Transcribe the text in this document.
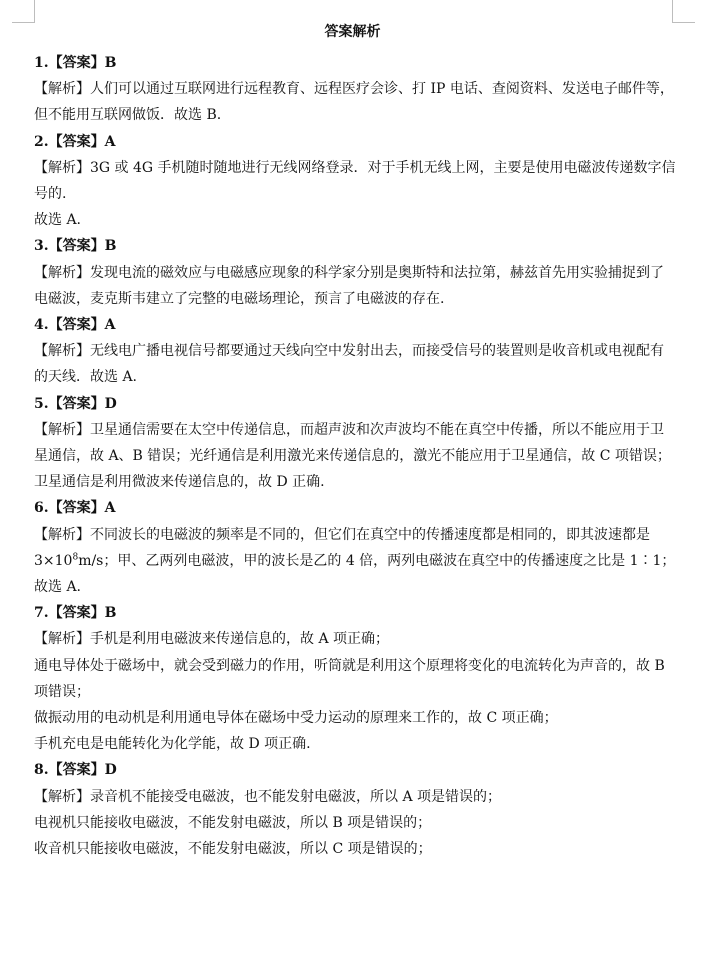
答案解析

1.【答案】B

【解析】人们可以通过互联网进行远程教育、远程医疗会诊、打 IP 电话、查阅资料、发送电子邮件等，但不能用互联网做饭．故选 B.

2.【答案】A

【解析】3G 或 4G 手机随时随地进行无线网络登录．对于手机无线上网，主要是使用电磁波传递数字信号的.

故选 A.

3.【答案】B

【解析】发现电流的磁效应与电磁感应现象的科学家分别是奥斯特和法拉第，赫兹首先用实验捕捉到了电磁波，麦克斯韦建立了完整的电磁场理论，预言了电磁波的存在.

4.【答案】A

【解析】无线电广播电视信号都要通过天线向空中发射出去，而接受信号的装置则是收音机或电视配有的天线．故选 A.

5.【答案】D

【解析】卫星通信需要在太空中传递信息，而超声波和次声波均不能在真空中传播，所以不能应用于卫星通信，故 A、B 错误；光纤通信是利用激光来传递信息的，激光不能应用于卫星通信，故 C 项错误；卫星通信是利用微波来传递信息的，故 D 正确.

6.【答案】A

【解析】不同波长的电磁波的频率是不同的，但它们在真空中的传播速度都是相同的，即其波速都是 $3\times 10^8m/s$；甲、乙两列电磁波，甲的波长是乙的 4 倍，两列电磁波在真空中的传播速度之比是 1∶1；故选 A.

7.【答案】B

【解析】手机是利用电磁波来传递信息的，故 A 项正确；

通电导体处于磁场中，就会受到磁力的作用，听筒就是利用这个原理将变化的电流转化为声音的，故 B 项错误；

做振动用的电动机是利用通电导体在磁场中受力运动的原理来工作的，故 C 项正确；

手机充电是电能转化为化学能，故 D 项正确.

8.【答案】D

【解析】录音机不能接受电磁波，也不能发射电磁波，所以 A 项是错误的；

电视机只能接收电磁波，不能发射电磁波，所以 B 项是错误的；

收音机只能接收电磁波，不能发射电磁波，所以 C 项是错误的；
